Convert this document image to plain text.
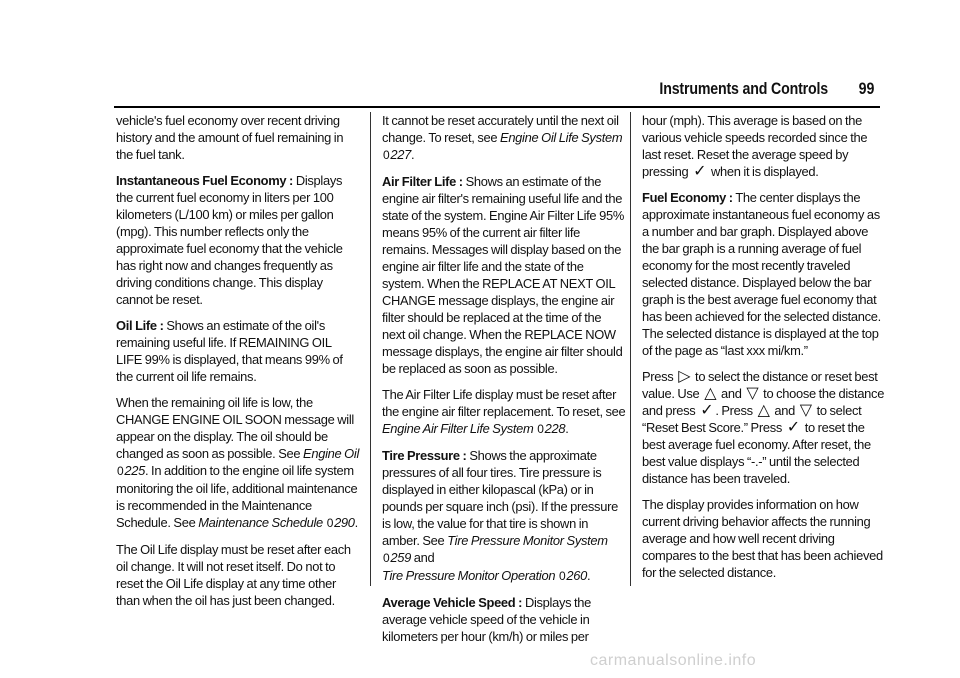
Instruments and Controls 99

vehicle's fuel economy over recent driving history and the amount of fuel remaining in the fuel tank.

Instantaneous Fuel Economy : Displays the current fuel economy in liters per 100 kilometers (L/100 km) or miles per gallon (mpg). This number reflects only the approximate fuel economy that the vehicle has right now and changes frequently as driving conditions change. This display cannot be reset.

Oil Life : Shows an estimate of the oil's remaining useful life. If REMAINING OIL LIFE 99% is displayed, that means 99% of the current oil life remains.

When the remaining oil life is low, the CHANGE ENGINE OIL SOON message will appear on the display. The oil should be changed as soon as possible. See Engine Oil
0225. In addition to the engine oil life system monitoring the oil life, additional maintenance is recommended in the Maintenance Schedule. See Maintenance Schedule 0290.

The Oil Life display must be reset after each oil change. It will not reset itself. Do not to reset the Oil Life display at any time other than when the oil has just been changed.

It cannot be reset accurately until the next oil change. To reset, see Engine Oil Life System 0227.

Air Filter Life : Shows an estimate of the engine air filter's remaining useful life and the state of the system. Engine Air Filter Life 95% means 95% of the current air filter life remains. Messages will display based on the engine air filter life and the state of the system. When the REPLACE AT NEXT OIL CHANGE message displays, the engine air filter should be replaced at the time of the next oil change. When the REPLACE NOW message displays, the engine air filter should be replaced as soon as possible.

The Air Filter Life display must be reset after the engine air filter replacement. To reset, see Engine Air Filter Life System 0228.

Tire Pressure : Shows the approximate pressures of all four tires. Tire pressure is displayed in either kilopascal (kPa) or in pounds per square inch (psi). If the pressure is low, the value for that tire is shown in amber. See Tire Pressure Monitor System
0259 and
Tire Pressure Monitor Operation 0260.

Average Vehicle Speed : Displays the average vehicle speed of the vehicle in kilometers per hour (km/h) or miles per

hour (mph). This average is based on the various vehicle speeds recorded since the last reset. Reset the average speed by pressing ✓ when it is displayed.

Fuel Economy : The center displays the approximate instantaneous fuel economy as a number and bar graph. Displayed above the bar graph is a running average of fuel economy for the most recently traveled selected distance. Displayed below the bar graph is the best average fuel economy that has been achieved for the selected distance. The selected distance is displayed at the top of the page as “last xxx mi/km.”

Press ▷ to select the distance or reset best value. Use △ and ▽ to choose the distance and press ✓ . Press △ and ▽ to select “Reset Best Score.” Press ✓ to reset the best average fuel economy. After reset, the best value displays “-.-” until the selected distance has been traveled.

The display provides information on how current driving behavior affects the running average and how well recent driving compares to the best that has been achieved for the selected distance.

carmanualsonline.info
